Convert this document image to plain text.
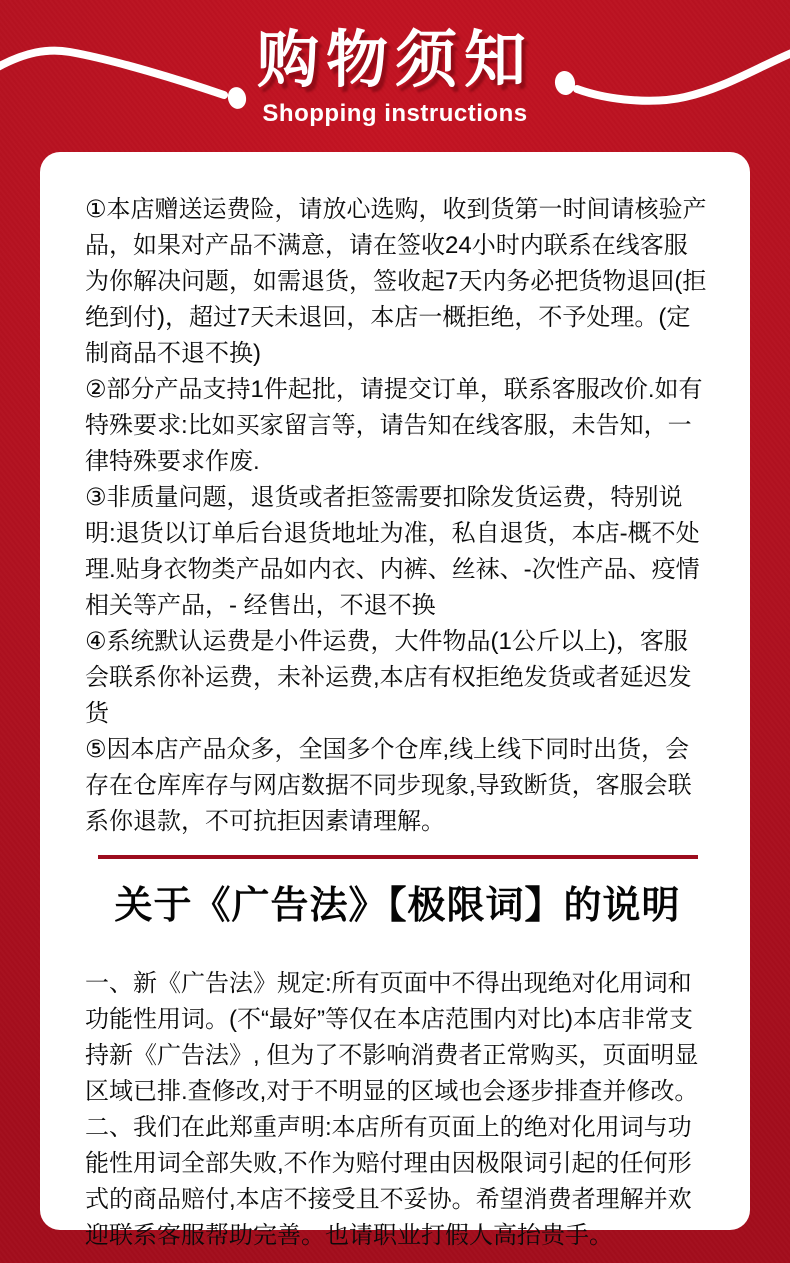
购物须知
Shopping instructions

①本店赠送运费险，请放心选购，收到货第一时间请核验产品，如果对产品不满意，请在签收24小时内联系在线客服为你解决问题，如需退货，签收起7天内务必把货物退回(拒绝到付)，超过7天未退回，本店一概拒绝，不予处理。(定制商品不退不换)

②部分产品支持1件起批，请提交订单，联系客服改价.如有特殊要求:比如买家留言等，请告知在线客服，未告知，一律特殊要求作废.

③非质量问题，退货或者拒签需要扣除发货运费，特别说明:退货以订单后台退货地址为准，私自退货，本店-概不处理.贴身衣物类产品如内衣、内裤、丝袜、-次性产品、疫情相关等产品，- 经售出，不退不换

④系统默认运费是小件运费，大件物品(1公斤以上)，客服会联系你补运费，未补运费,本店有权拒绝发货或者延迟发货

⑤因本店产品众多，全国多个仓库,线上线下同时出货，会存在仓库库存与网店数据不同步现象,导致断货，客服会联系你退款，不可抗拒因素请理解。

关于《广告法》【极限词】的说明

一、新《广告法》规定:所有页面中不得出现绝对化用词和功能性用词。(不“最好”等仅在本店范围内对比)本店非常支持新《广告法》, 但为了不影响消费者正常购买，页面明显区域已排.查修改,对于不明显的区域也会逐步排查并修改。

二、我们在此郑重声明:本店所有页面上的绝对化用词与功能性用词全部失败,不作为赔付理由因极限词引起的任何形式的商品赔付,本店不接受且不妥协。希望消费者理解并欢迎联系客服帮助完善。也请职业打假人高抬贵手。
